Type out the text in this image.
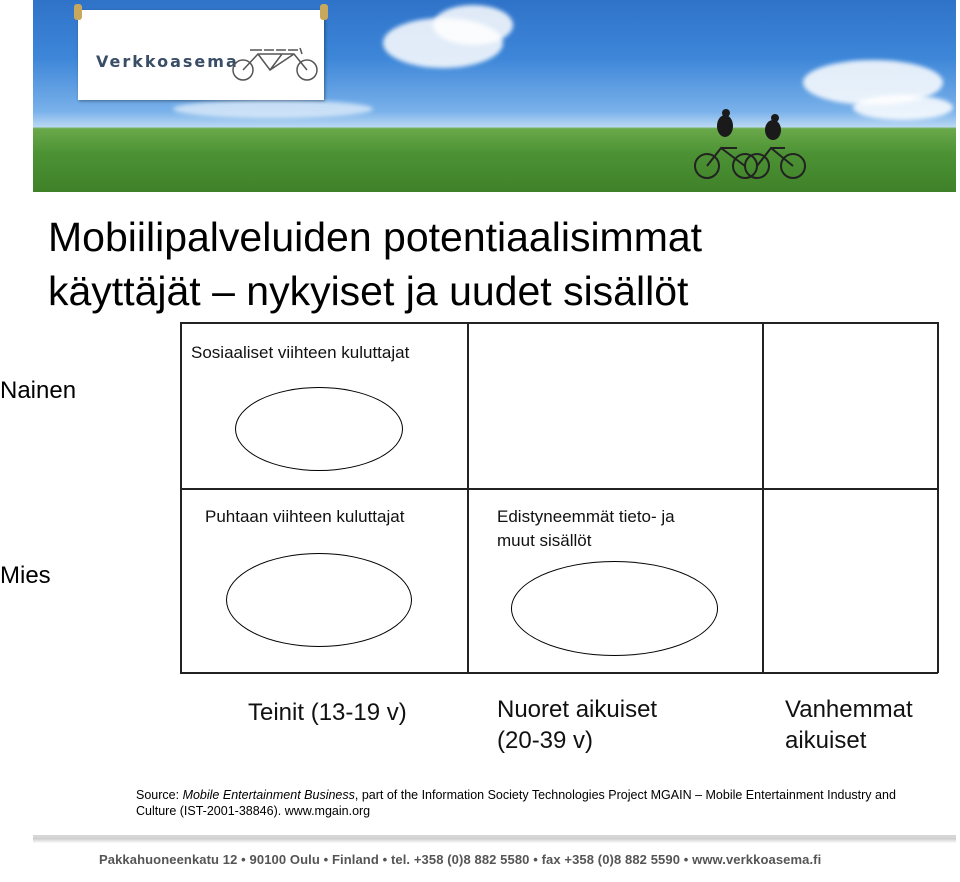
Verkkoasema
Mobiilipalveluiden potentiaalisimmat
käyttäjät – nykyiset ja uudet sisällöt
Nainen
Mies
Sosiaaliset viihteen kuluttajat
Puhtaan viihteen kuluttajat	Edistyneemmät tieto- ja
muut sisällöt
Teinit (13-19 v)	Nuoret aikuiset
(20-39 v)
Vanhemmat
aikuiset
Source: Mobile Entertainment Business, part of the Information Society Technologies Project MGAIN – Mobile Entertainment Industry and Culture (IST-2001-38846). www.mgain.org
Pakkahuoneenkatu 12 • 90100 Oulu • Finland • tel. +358 (0)8 882 5580 • fax +358 (0)8 882 5590 • www.verkkoasema.fi
